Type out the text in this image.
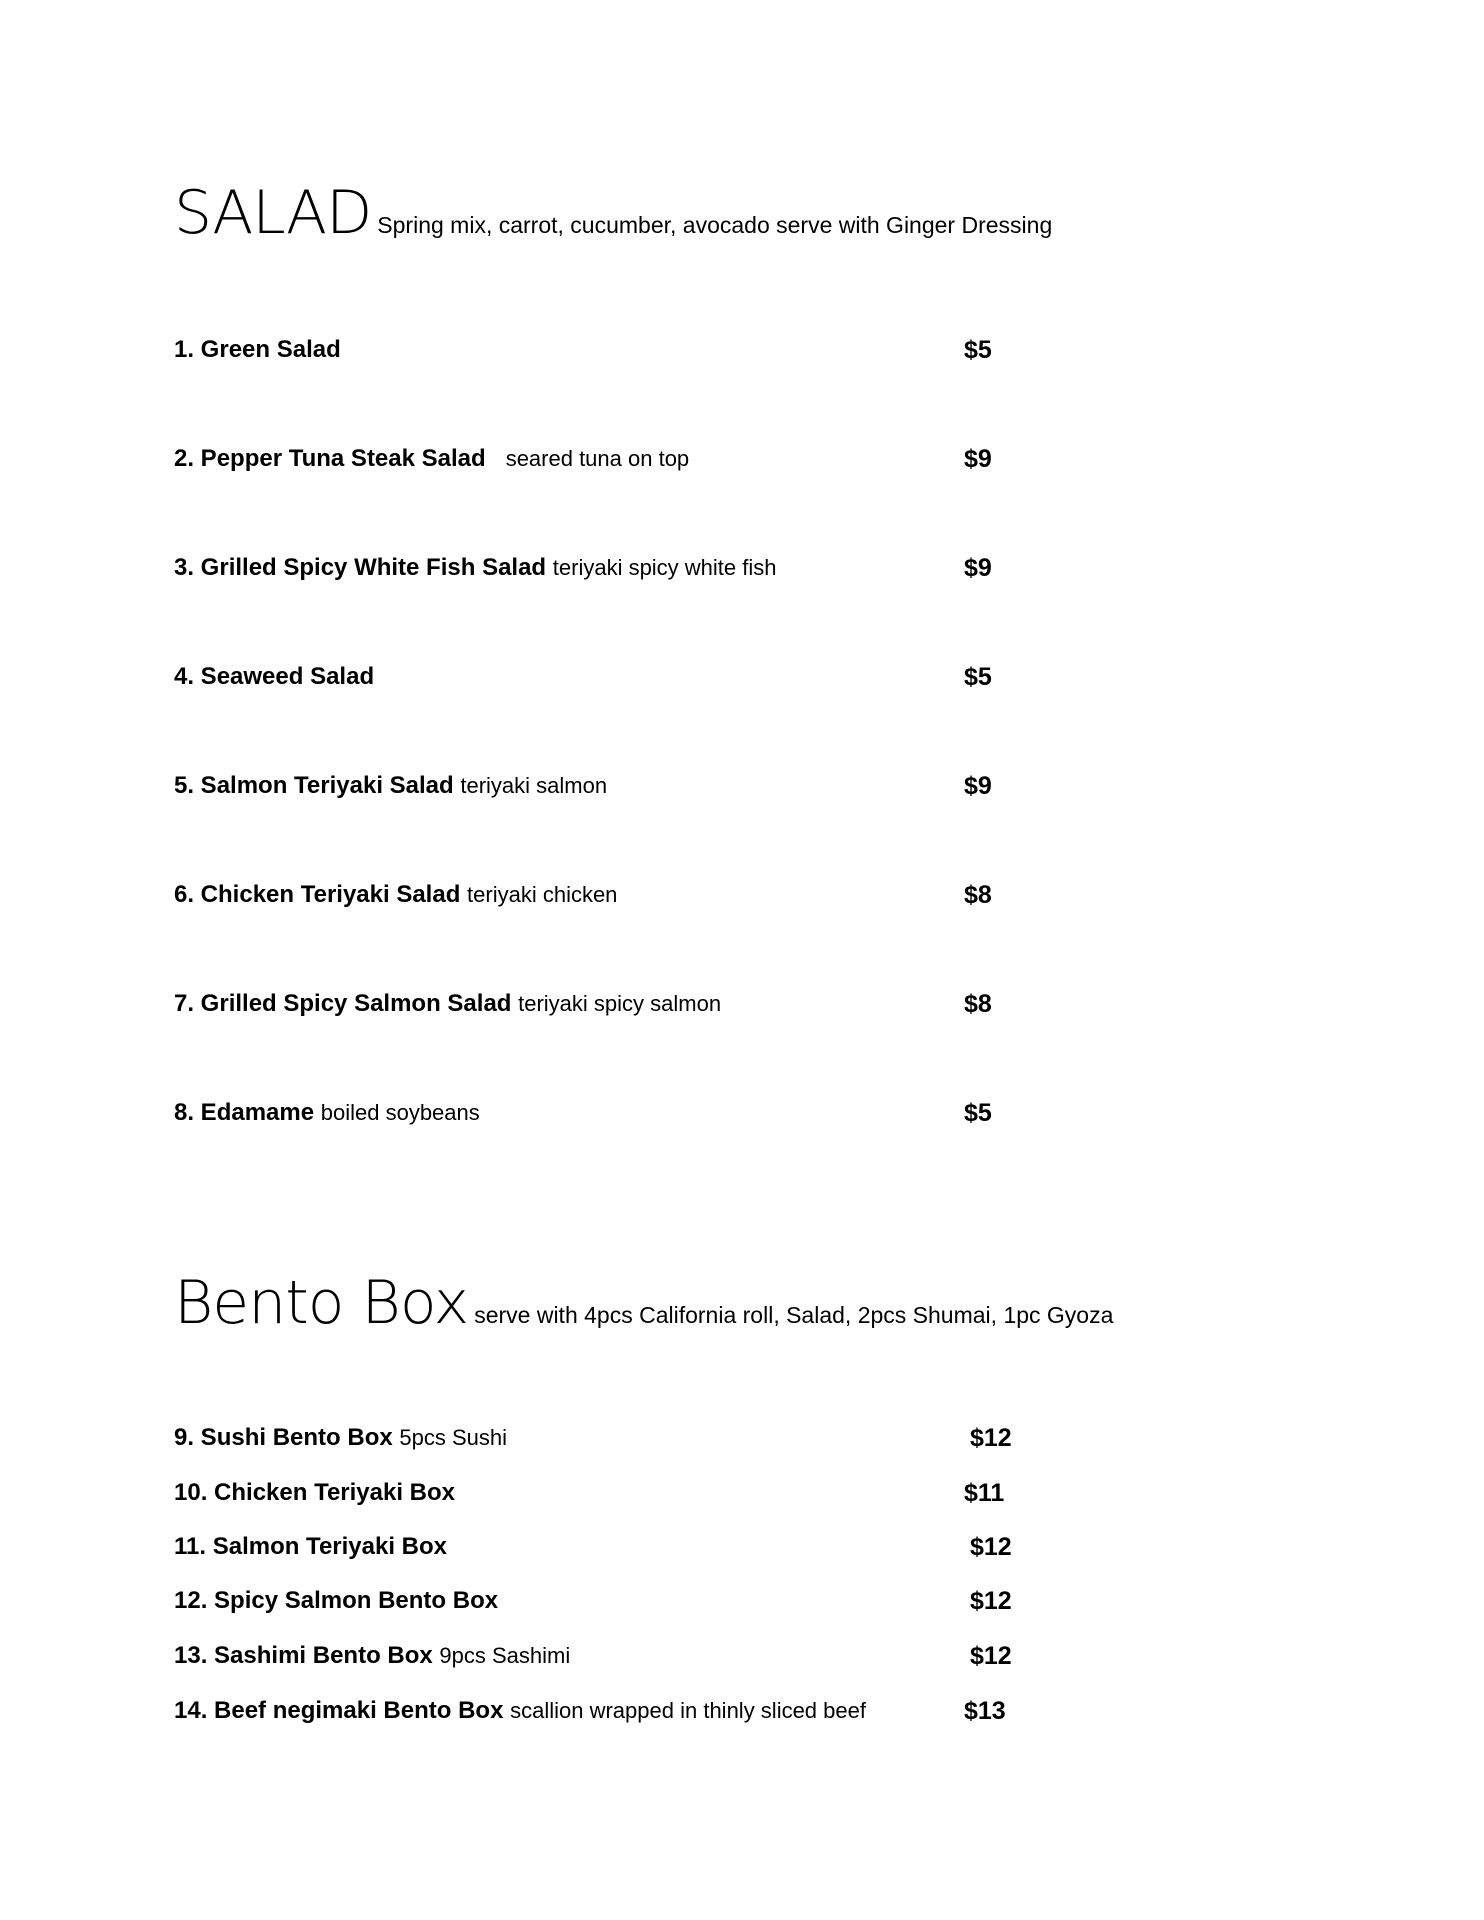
SALAD Spring mix, carrot, cucumber, avocado serve with Ginger Dressing
1. Green Salad	$5
2. Pepper Tuna Steak Salad seared tuna on top	$9
3. Grilled Spicy White Fish Salad teriyaki spicy white fish	$9
4. Seaweed Salad	$5
5. Salmon Teriyaki Salad teriyaki salmon	$9
6. Chicken Teriyaki Salad teriyaki chicken	$8
7. Grilled Spicy Salmon Salad teriyaki spicy salmon	$8
8. Edamame boiled soybeans	$5
Bento Box serve with 4pcs California roll, Salad, 2pcs Shumai, 1pc Gyoza
9. Sushi Bento Box 5pcs Sushi	$12
10. Chicken Teriyaki Box	$11
11. Salmon Teriyaki Box	$12
12. Spicy Salmon Bento Box	$12
13. Sashimi Bento Box 9pcs Sashimi	$12
14. Beef negimaki Bento Box scallion wrapped in thinly sliced beef	$13
